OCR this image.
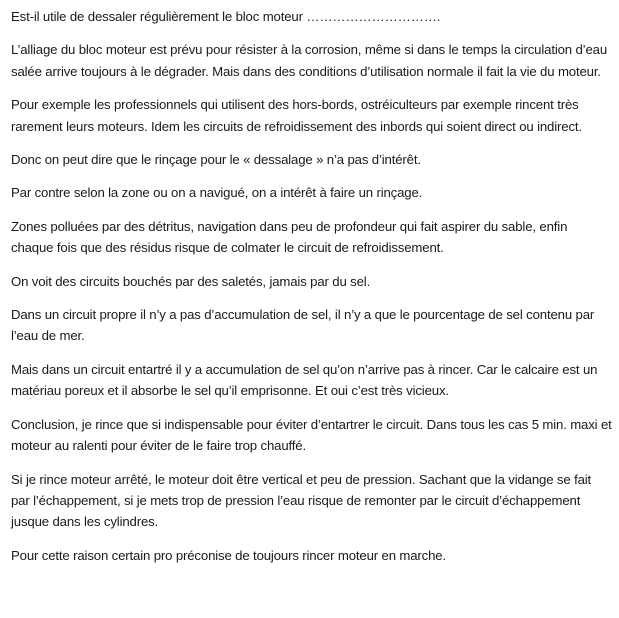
Est-il utile de dessaler régulièrement le bloc moteur ………………………….

L’alliage du bloc moteur est prévu pour résister à la corrosion, même si dans le temps la circulation d’eau salée arrive toujours à le dégrader. Mais dans des conditions d’utilisation normale il fait la vie du moteur.

Pour exemple les professionnels qui utilisent des hors-bords, ostréiculteurs par exemple rincent très rarement leurs moteurs. Idem les circuits de refroidissement des inbords qui soient direct ou indirect.

Donc on peut dire que le rinçage pour le « dessalage » n’a pas d’intérêt.

Par contre selon la zone ou on a navigué, on a intérêt à faire un rinçage.

Zones polluées par des détritus, navigation dans peu de profondeur qui fait aspirer du sable, enfin chaque fois que des résidus risque de colmater le circuit de refroidissement.

On voit des circuits bouchés par des saletés, jamais par du sel.

Dans un circuit propre il n’y a pas d’accumulation de sel, il n’y a que le pourcentage de sel contenu par l’eau de mer.

Mais dans un circuit entartré il y a accumulation de sel qu’on n’arrive pas à rincer. Car le calcaire est un matériau poreux et il absorbe le sel qu’il emprisonne. Et oui c’est très vicieux.

Conclusion, je rince que si indispensable pour éviter d’entartrer le circuit. Dans tous les cas 5 min. maxi et moteur au ralenti pour éviter de le faire trop chauffé.

Si je rince moteur arrêté, le moteur doit être vertical et peu de pression. Sachant que la vidange se fait par l’échappement, si je mets trop de pression l’eau risque de remonter par le circuit d’échappement jusque dans les cylindres.

Pour cette raison certain pro préconise de toujours rincer moteur en marche.
